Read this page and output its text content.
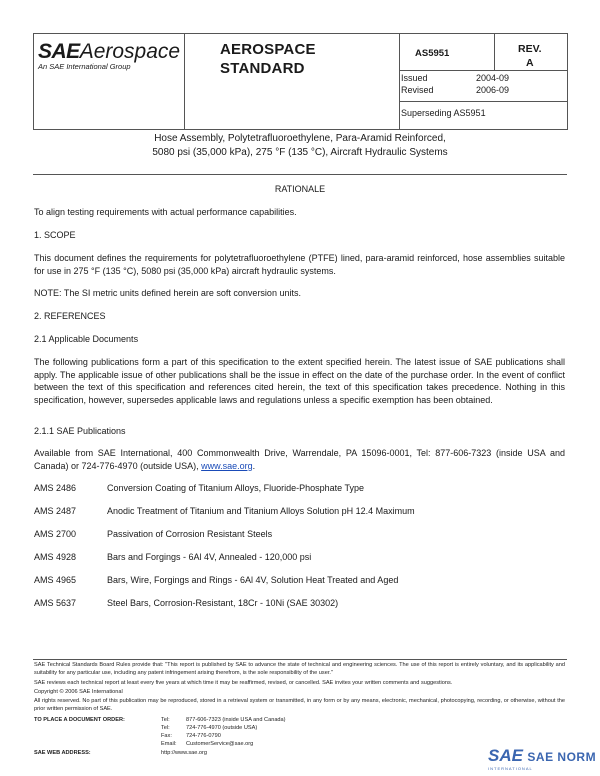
SAEAerospace
An SAE International Group
AEROSPACE
STANDARD
AS5951	REV.
A
Issued	2004-09
Revised	2006-09
Superseding AS5951
Hose Assembly, Polytetrafluoroethylene, Para-Aramid Reinforced,
5080 psi (35,000 kPa), 275 °F (135 °C), Aircraft Hydraulic Systems
RATIONALE
To align testing requirements with actual performance capabilities.
1. SCOPE
This document defines the requirements for polytetrafluoroethylene (PTFE) lined, para-aramid reinforced, hose assemblies suitable for use in 275 °F (135 °C), 5080 psi (35,000 kPa) aircraft hydraulic systems.
NOTE: The SI metric units defined herein are soft conversion units.
2. REFERENCES
2.1 Applicable Documents
The following publications form a part of this specification to the extent specified herein. The latest issue of SAE publications shall apply. The applicable issue of other publications shall be the issue in effect on the date of the purchase order. In the event of conflict between the text of this specification and references cited herein, the text of this specification takes precedence. Nothing in this specification, however, supersedes applicable laws and regulations unless a specific exemption has been obtained.
2.1.1 SAE Publications
Available from SAE International, 400 Commonwealth Drive, Warrendale, PA 15096-0001, Tel: 877-606-7323 (inside USA and Canada) or 724-776-4970 (outside USA), www.sae.org.
AMS 2486	Conversion Coating of Titanium Alloys, Fluoride-Phosphate Type
AMS 2487	Anodic Treatment of Titanium and Titanium Alloys Solution pH 12.4 Maximum
AMS 2700	Passivation of Corrosion Resistant Steels
AMS 4928	Bars and Forgings - 6Al 4V, Annealed - 120,000 psi
AMS 4965	Bars, Wire, Forgings and Rings - 6Al 4V, Solution Heat Treated and Aged
AMS 5637	Steel Bars, Corrosion-Resistant, 18Cr - 10Ni (SAE 30302)
SAE Technical Standards Board Rules provide that: "This report is published by SAE to advance the state of technical and engineering sciences. The use of this report is entirely voluntary, and its applicability and suitability for any particular use, including any patent infringement arising therefrom, is the sole responsibility of the user."
SAE reviews each technical report at least every five years at which time it may be reaffirmed, revised, or cancelled. SAE invites your written comments and suggestions.
Copyright © 2006 SAE International
All rights reserved. No part of this publication may be reproduced, stored in a retrieval system or transmitted, in any form or by any means, electronic, mechanical, photocopying, recording, or otherwise, without the prior written permission of SAE.
TO PLACE A DOCUMENT ORDER:	Tel:	877-606-7323 (inside USA and Canada)
Tel:	724-776-4970 (outside USA)
Fax:	724-776-0790
Email: CustomerService@sae.org
SAE WEB ADDRESS:	http://www.sae.org	SAE SAE NORM
INTERNATIONAL
